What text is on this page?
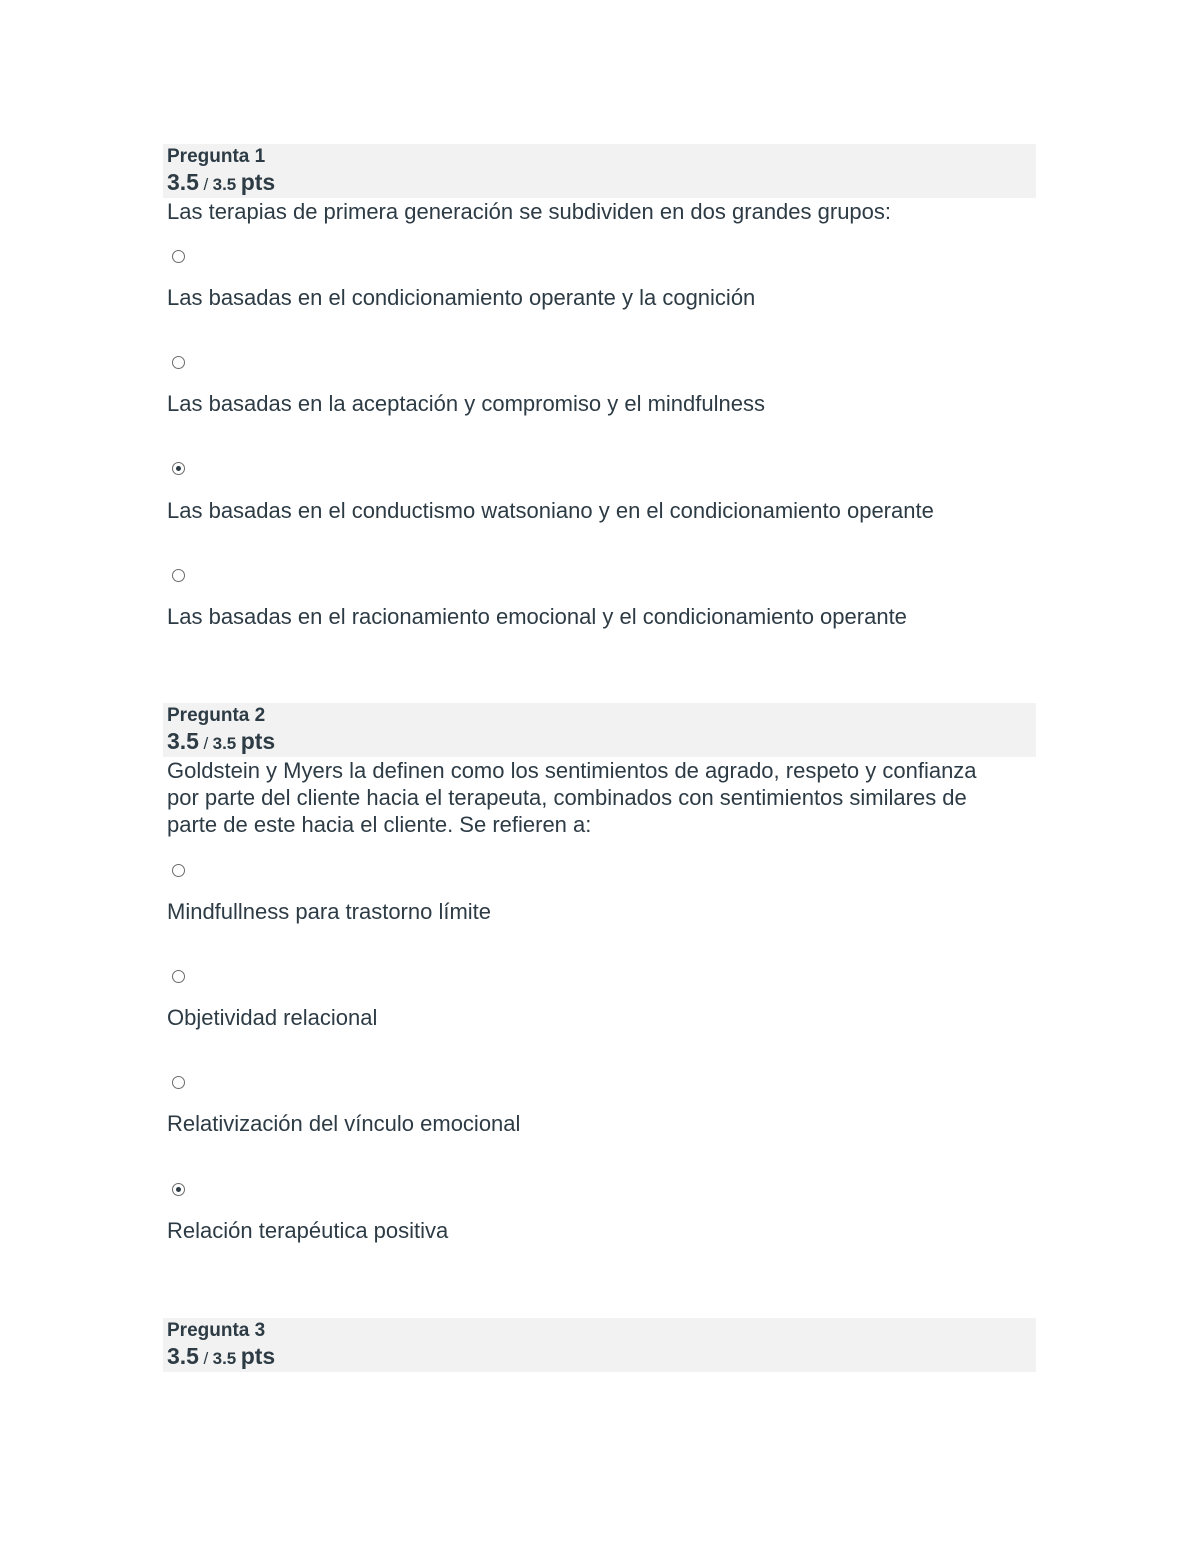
Pregunta 1
3.5 / 3.5 pts

Las terapias de primera generación se subdividen en dos grandes grupos:

Las basadas en el condicionamiento operante y la cognición
Las basadas en la aceptación y compromiso y el mindfulness
Las basadas en el conductismo watsoniano y en el condicionamiento operante
Las basadas en el racionamiento emocional y el condicionamiento operante
Pregunta 2
3.5 / 3.5 pts
Goldstein y Myers la definen como los sentimientos de agrado, respeto y confianza
por parte del cliente hacia el terapeuta, combinados con sentimientos similares de
parte de este hacia el cliente. Se refieren a:
Mindfullness para trastorno límite
Objetividad relacional
Relativización del vínculo emocional
Relación terapéutica positiva
Pregunta 3
3.5 / 3.5 pts
